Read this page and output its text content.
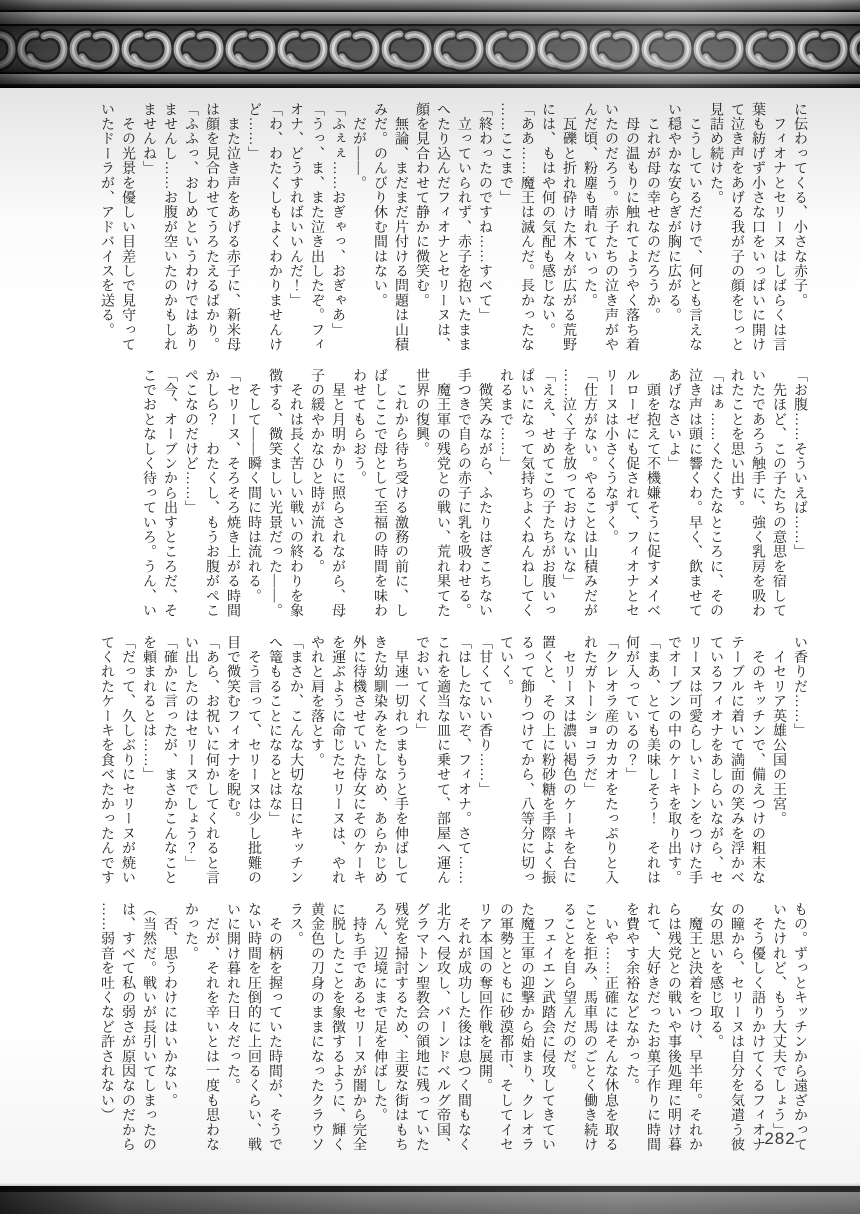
に伝わってくる、小さな赤子。
　フィオナとセリーヌはしばらくは言
葉も紡げず小さな口をいっぱいに開け
て泣き声をあげる我が子の顔をじっと
見詰め続けた。
　こうしているだけで、何とも言えな
い穏やかな安らぎが胸に広がる。
　これが母の幸せなのだろうか。
　母の温もりに触れてようやく落ち着
いたのだろう。赤子たちの泣き声がや
んだ頃、粉塵も晴れていった。
　瓦礫と折れ砕けた木々が広がる荒野
には、もはや何の気配も感じない。
「ああ……魔王は滅んだ。長かったな
……ここまで」
「終わったのですね……すべて」
　立っていられず、赤子を抱いたまま
へたり込んだフィオナとセリーヌは、
顔を見合わせて静かに微笑む。
　無論、まだまだ片付ける問題は山積
みだ。のんびり休む間はない。
　だが――。
「ふぇぇ……おぎゃっ、おぎゃあ」
「うっ、ま、また泣き出したぞ。フィ
オナ、どうすればいいんだ！」
「わ、わたくしもよくわかりませんけ
ど……」
　また泣き声をあげる赤子に、新米母
は顔を見合わせてうろたえるばかり。
「ふふっ、おしめというわけではあり
ませんし……お腹が空いたのかもしれ
ませんね」
　その光景を優しい目差しで見守って
いたドーラが、アドバイスを送る。
「お腹……そういえば……」
　先ほど、この子たちの意思を宿して
いたであろう触手に、強く乳房を吸わ
れたことを思い出す。
「はぁ……くたくたなところに、その
泣き声は頭に響くわ。早く、飲ませて
あげなさいよ」
　頭を抱えて不機嫌そうに促すメイベ
ルローゼにも促されて、フィオナとセ
リーヌは小さくうなずく。
「仕方がない。やることは山積みだが
……泣く子を放っておけないな」
「ええ、せめてこの子たちがお腹いっ
ぱいになって気持ちよくねんねしてく
れるまで……」
　微笑みながら、ふたりはぎこちない
手つきで自らの赤子に乳を吸わせる。
　魔王軍の残党との戦い、荒れ果てた
世界の復興。
　これから待ち受ける激務の前に、し
ばしここで母として至福の時間を味わ
わせてもらおう。
　星と月明かりに照らされながら、母
子の緩やかなひと時が流れる。
　それは長く苦しい戦いの終わりを象
徴する、微笑ましい光景だった――。
　そして――瞬く間に時は流れる。
「セリーヌ、そろそろ焼き上がる時間
かしら？　わたくし、もうお腹がぺこ
ぺこなのだけど……」
「今、オーブンから出すところだ、そ
こでおとなしく待っていろ。うん、い
い香りだ……」
　イセリア英雄公国の王宮。
　そのキッチンで、備えつけの粗末な
テーブルに着いて満面の笑みを浮かべ
ているフィオナをあしらいながら、セ
リーヌは可愛らしいミトンをつけた手
でオーブンの中のケーキを取り出す。
「まあ、とても美味しそう！　それは
何が入っているの？」
「クレオラ産のカカオをたっぷりと入
れたガトーショコラだ」
　セリーヌは濃い褐色のケーキを台に
置くと、その上に粉砂糖を手際よく振
るって飾りつけてから、八等分に切っ
ていく。
「甘くていい香り……」
「はしたないぞ、フィオナ。さて……
これを適当な皿に乗せて、部屋へ運ん
でおいてくれ」
　早速一切れつまもうと手を伸ばして
きた幼馴染みをたしなめ、あらかじめ
外に待機させていた侍女にそのケーキ
を運ぶように命じたセリーヌは、やれ
やれと肩を落とす。
「まさか、こんな大切な日にキッチン
へ篭もることになるとはな」
　そう言って、セリーヌは少し批難の
目で微笑むフィオナを睨む。
「あら、お祝いに何かしてくれると言
い出したのはセリーヌでしょう？」
「確かに言ったが、まさかこんなこと
を頼まれるとは……」
「だって、久しぶりにセリーヌが焼い
てくれたケーキを食べたかったんです
もの。ずっとキッチンから遠ざかって
いたけれど、もう大丈夫でしょう」
　そう優しく語りかけてくるフィオナ
の瞳から、セリーヌは自分を気遣う彼
女の思いを感じ取る。
　魔王と決着をつけ、早半年。それか
らは残党との戦いや事後処理に明け暮
れて、大好きだったお菓子作りに時間
を費やす余裕などなかった。
　いや……正確にはそんな休息を取る
ことを拒み、馬車馬のごとく働き続け
ることを自ら望んだのだ。
　フェイエン武踏会に侵攻してきてい
た魔王軍の迎撃から始まり、クレオラ
の軍勢とともに砂漠都市、そしてイセ
リア本国の奪回作戦を展開。
　それが成功した後は息つく間もなく
北方へ侵攻し、バーンドベルグ帝国、
グラマトン聖教会の領地に残っていた
残党を掃討するため、主要な街はもち
ろん、辺境にまで足を伸ばした。
　持ち手であるセリーヌが闇から完全
に脱したことを象徴するように、輝く
黄金色の刀身のままになったクラウソ
ラス。
　その柄を握っていた時間が、そうで
ない時間を圧倒的に上回るくらい、戦
いに開け暮れた日々だった。
　だが、それを辛いとは一度も思わな
かった。
　否、思うわけにはいかない。
（当然だ。戦いが長引いてしまったの
は、すべて私の弱さが原因なのだから
……弱音を吐くなど許されない）
282
